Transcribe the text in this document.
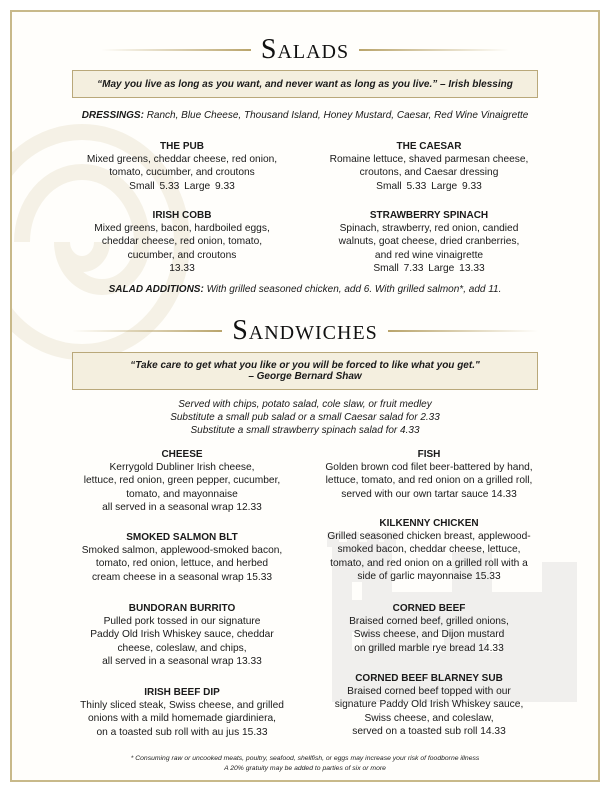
Salads
“May you live as long as you want, and never want as long as you live.” – Irish blessing
DRESSINGS: Ranch, Blue Cheese, Thousand Island, Honey Mustard, Caesar, Red Wine Vinaigrette
THE PUB
Mixed greens, cheddar cheese, red onion,
tomato, cucumber, and croutons
Small 5.33 Large 9.33
THE CAESAR
Romaine lettuce, shaved parmesan cheese,
croutons, and Caesar dressing
Small 5.33 Large 9.33
IRISH COBB
Mixed greens, bacon, hardboiled eggs,
cheddar cheese, red onion, tomato,
cucumber, and croutons
13.33
STRAWBERRY SPINACH
Spinach, strawberry, red onion, candied
walnuts, goat cheese, dried cranberries,
and red wine vinaigrette
Small 7.33 Large 13.33
SALAD ADDITIONS: With grilled seasoned chicken, add 6. With grilled salmon*, add 11.
Sandwiches
“Take care to get what you like or you will be forced to like what you get."
– George Bernard Shaw
Served with chips, potato salad, cole slaw, or fruit medley
Substitute a small pub salad or a small Caesar salad for 2.33
Substitute a small strawberry spinach salad for 4.33
CHEESE
Kerrygold Dubliner Irish cheese,
lettuce, red onion, green pepper, cucumber,
tomato, and mayonnaise
all served in a seasonal wrap 12.33
FISH
Golden brown cod filet beer-battered by hand,
lettuce, tomato, and red onion on a grilled roll,
served with our own tartar sauce 14.33
SMOKED SALMON BLT
Smoked salmon, applewood-smoked bacon,
tomato, red onion, lettuce, and herbed
cream cheese in a seasonal wrap 15.33
KILKENNY CHICKEN
Grilled seasoned chicken breast, applewood-
smoked bacon, cheddar cheese, lettuce,
tomato, and red onion on a grilled roll with a
side of garlic mayonnaise 15.33
BUNDORAN BURRITO
Pulled pork tossed in our signature
Paddy Old Irish Whiskey sauce, cheddar
cheese, coleslaw, and chips,
all served in a seasonal wrap 13.33
CORNED BEEF
Braised corned beef, grilled onions,
Swiss cheese, and Dijon mustard
on grilled marble rye bread 14.33
IRISH BEEF DIP
Thinly sliced steak, Swiss cheese, and grilled
onions with a mild homemade giardiniera,
on a toasted sub roll with au jus 15.33
CORNED BEEF BLARNEY SUB
Braised corned beef topped with our
signature Paddy Old Irish Whiskey sauce,
Swiss cheese, and coleslaw,
served on a toasted sub roll 14.33
* Consuming raw or uncooked meats, poultry, seafood, shellfish, or eggs may increase your risk of foodborne illness
A 20% gratuity may be added to parties of six or more
